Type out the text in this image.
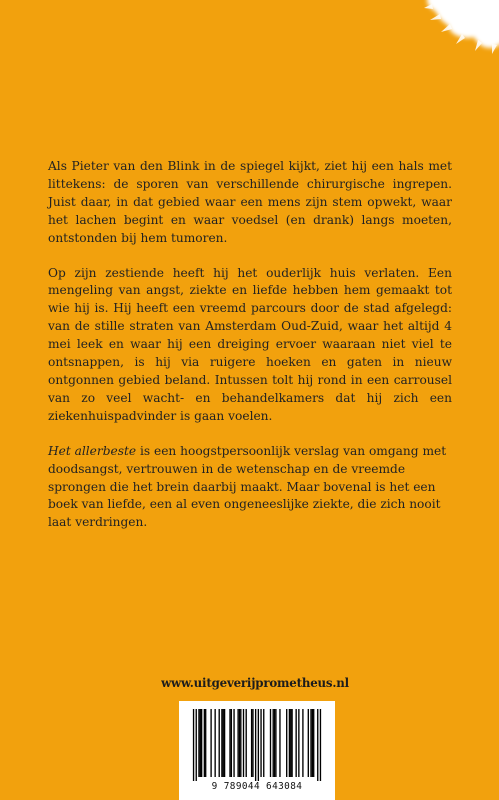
Als Pieter van den Blink in de spiegel kijkt, ziet hij een hals met littekens: de sporen van verschillende chirurgische ingrepen. Juist daar, in dat gebied waar een mens zijn stem opwekt, waar het lachen begint en waar voedsel (en drank) langs moeten, ontstonden bij hem tumoren.

Op zijn zestiende heeft hij het ouderlijk huis verlaten. Een mengeling van angst, ziekte en liefde hebben hem gemaakt tot wie hij is. Hij heeft een vreemd parcours door de stad afgelegd: van de stille straten van Amsterdam Oud-Zuid, waar het altijd 4 mei leek en waar hij een dreiging ervoer waaraan niet viel te ontsnappen, is hij via ruigere hoeken en gaten in nieuw ontgonnen gebied beland. Intussen tolt hij rond in een carrousel van zo veel wacht- en behandelkamers dat hij zich een ziekenhuispadvinder is gaan voelen.

Het allerbeste is een hoogstpersoonlijk verslag van omgang met doodsangst, vertrouwen in de wetenschap en de vreemde sprongen die het brein daarbij maakt. Maar bovenal is het een boek van liefde, een al even ongeneeslijke ziekte, die zich nooit laat verdringen.

www.uitgeverijprometheus.nl
9 789044 643084
